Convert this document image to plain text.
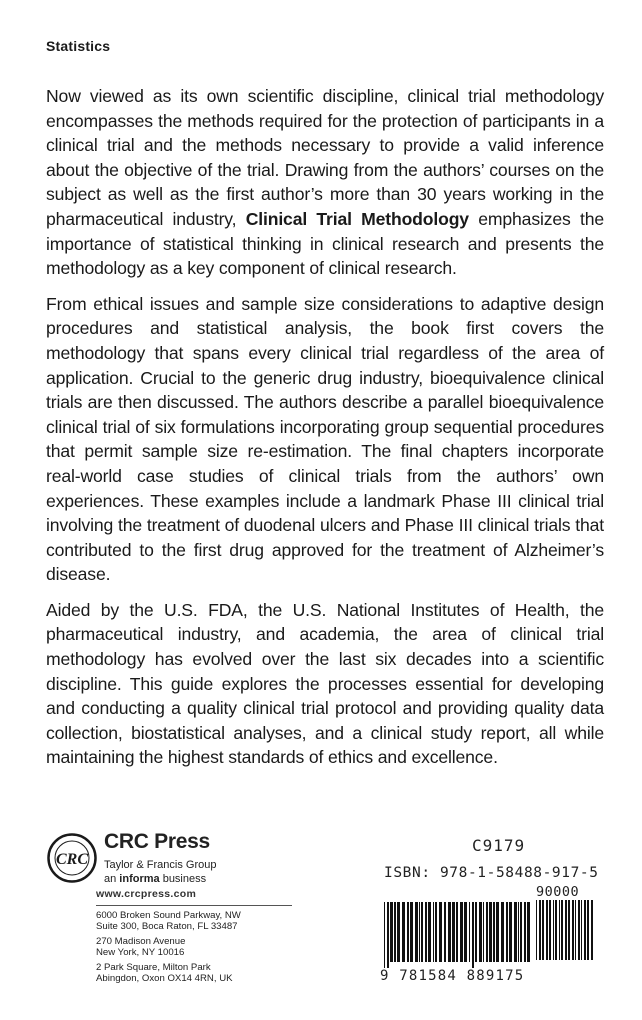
Statistics

Now viewed as its own scientific discipline, clinical trial methodology encompasses the methods required for the protection of participants in a clinical trial and the methods necessary to provide a valid inference about the objective of the trial. Drawing from the authors’ courses on the subject as well as the first author’s more than 30 years working in the pharmaceutical industry, Clinical Trial Methodology emphasizes the importance of statistical thinking in clinical research and presents the methodology as a key component of clinical research.

From ethical issues and sample size considerations to adaptive design procedures and statistical analysis, the book first covers the methodology that spans every clinical trial regardless of the area of application. Crucial to the generic drug industry, bioequivalence clinical trials are then discussed. The authors describe a parallel bioequivalence clinical trial of six formulations incorporating group sequential procedures that permit sample size re-estimation. The final chapters incorporate real-world case studies of clinical trials from the authors’ own experiences. These examples include a landmark Phase III clinical trial involving the treatment of duodenal ulcers and Phase III clinical trials that contributed to the first drug approved for the treatment of Alzheimer’s disease.

Aided by the U.S. FDA, the U.S. National Institutes of Health, the pharmaceutical industry, and academia, the area of clinical trial methodology has evolved over the last six decades into a scientific discipline. This guide explores the processes essential for developing and conducting a quality clinical trial protocol and providing quality data collection, biostatistical analyses, and a clinical study report, all while maintaining the highest standards of ethics and excellence.

CRC
CRC Press
Taylor & Francis Group
an informa business
www.crcpress.com
6000 Broken Sound Parkway, NW
Suite 300, Boca Raton, FL 33487
270 Madison Avenue
New York, NY 10016
2 Park Square, Milton Park
Abingdon, Oxon OX14 4RN, UK
C9179
ISBN: 978-1-58488-917-5
90000
9 781584 889175
